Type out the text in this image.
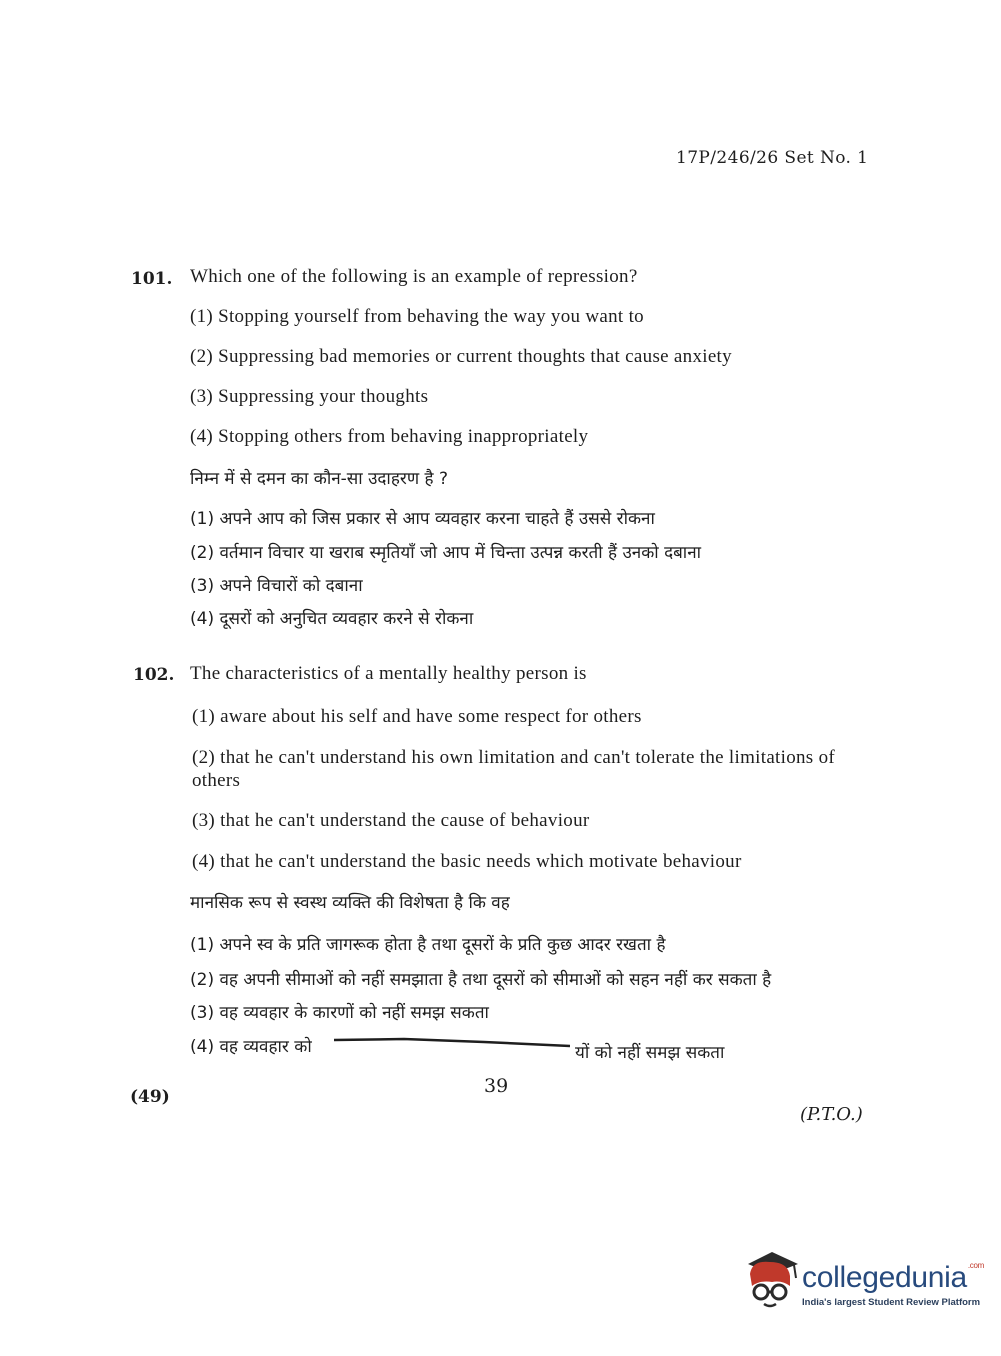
17P/246/26 Set No. 1
101. Which one of the following is an example of repression?
(1) Stopping yourself from behaving the way you want to
(2) Suppressing bad memories or current thoughts that cause anxiety
(3) Suppressing your thoughts
(4) Stopping others from behaving inappropriately
निम्न में से दमन का कौन-सा उदाहरण है ?
(1) अपने आप को जिस प्रकार से आप व्यवहार करना चाहते हैं उससे रोकना
(2) वर्तमान विचार या खराब स्मृतियाँ जो आप में चिन्ता उत्पन्न करती हैं उनको दबाना
(3) अपने विचारों को दबाना
(4) दूसरों को अनुचित व्यवहार करने से रोकना
102. The characteristics of a mentally healthy person is
(1) aware about his self and have some respect for others
(2) that he can't understand his own limitation and can't tolerate the limitations of others
(3) that he can't understand the cause of behaviour
(4) that he can't understand the basic needs which motivate behaviour
मानसिक रूप से स्वस्थ व्यक्ति की विशेषता है कि वह
(1) अपने स्व के प्रति जागरूक होता है तथा दूसरों के प्रति कुछ आदर रखता है
(2) वह अपनी सीमाओं को नहीं समझाता है तथा दूसरों को सीमाओं को सहन नहीं कर सकता है
(3) वह व्यवहार के कारणों को नहीं समझ सकता
(4) वह व्यवहार को	यों को नहीं समझ सकता
(49)	39
(P.T.O.)
collegedunia$^{.com}$
India's largest Student Review Platform
